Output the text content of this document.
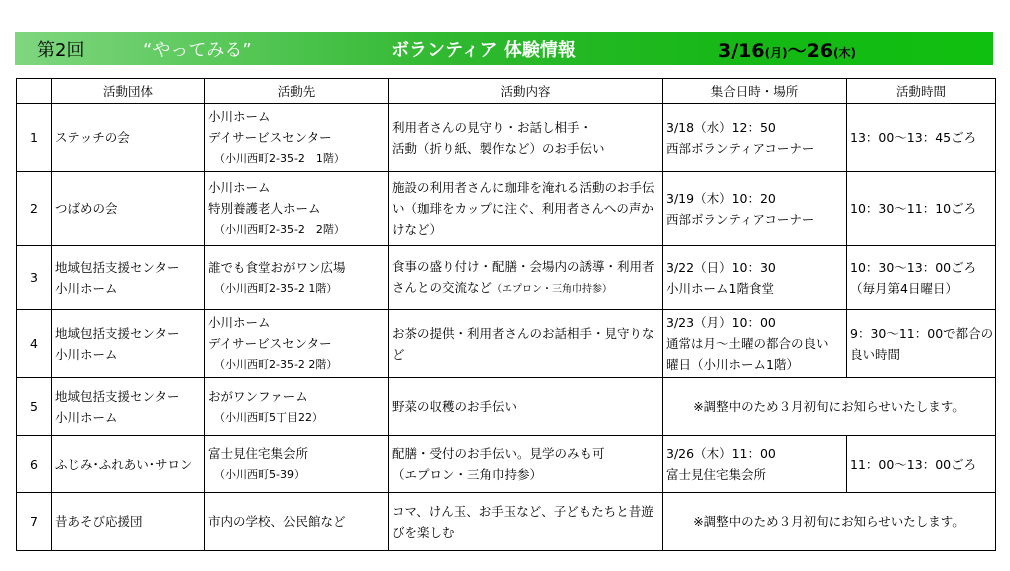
第2回	“やってみる”	ボランティア 体験情報	3/16(月)～26(木)
	活動団体	活動先	活動内容	集合日時・場所	活動時間
1	ステッチの会	小川ホーム
デイサービスセンター
（小川西町2-35-2　1階）	利用者さんの見守り・お話し相手・
活動（折り紙、製作など）のお手伝い	3/18（水）12：50
西部ボランティアコーナー	13：00～13：45ごろ

2	つばめの会	小川ホーム
特別養護老人ホーム
（小川西町2-35-2　2階）	施設の利用者さんに珈琲を淹れる活動のお手伝い（珈琲をカップに注ぐ、利用者さんへの声かけなど）	3/19（木）10：20
西部ボランティアコーナー	10：30～11：10ごろ

3	地域包括支援センター
小川ホーム	誰でも食堂おがワン広場
（小川西町2-35-2 1階）	食事の盛り付け・配膳・会場内の誘導・利用者さんとの交流など（エプロン・三角巾持参）	3/22（日）10：30
小川ホーム1階食堂	10：30～13：00ごろ
（毎月第4日曜日）

4	地域包括支援センター
小川ホーム	小川ホーム
デイサービスセンター
（小川西町2-35-2 2階）	お茶の提供・利用者さんのお話相手・見守りなど	3/23（月）10：00
通常は月～土曜の都合の良い
曜日（小川ホーム1階）	9：30～11：00で都合の
良い時間

5	地域包括支援センター
小川ホーム	おがワンファーム
（小川西町5丁目22）	野菜の収穫のお手伝い	※調整中のため３月初旬にお知らせいたします。	
6	ふじみ･ふれあい･サロン	富士見住宅集会所
（小川西町5-39）	配膳・受付のお手伝い。見学のみも可
（エプロン・三角巾持参）	3/26（木）11：00
富士見住宅集会所	11：00～13：00ごろ

7	昔あそび応援団	市内の学校、公民館など	コマ、けん玉、お手玉など、子どもたちと昔遊びを楽しむ	※調整中のため３月初旬にお知らせいたします。	
